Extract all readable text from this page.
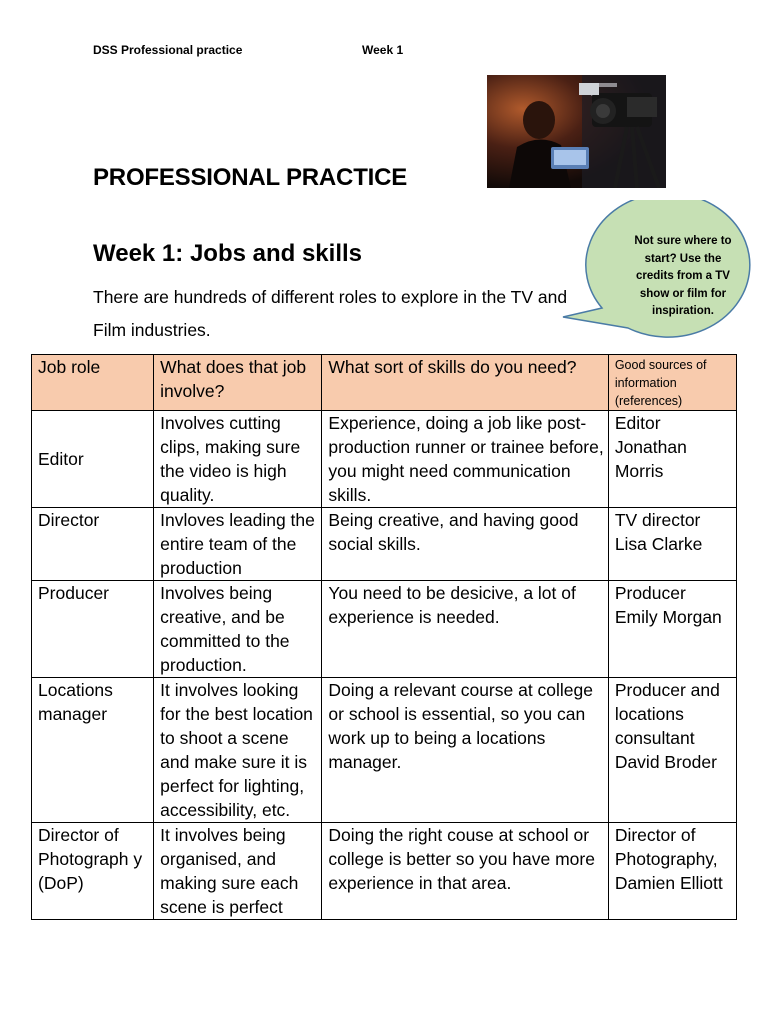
DSS Professional practice	Week 1
PROFESSIONAL PRACTICE
Week 1: Jobs and skills
There are hundreds of different roles to explore in the TV and Film industries.
Not sure where to start? Use the credits from a TV show or film for inspiration.
Job role	What does that job involve?	What sort of skills do you need?	Good sources of information (references)
Editor	Involves cutting clips, making sure the video is high quality.	Experience, doing a job like post-production runner or trainee before, you might need communication skills.	Editor Jonathan Morris
Director	Invloves leading the entire team of the production	Being creative, and having good social skills.	TV director Lisa Clarke
Producer	Involves being creative, and be committed to the production.	You need to be desicive, a lot of experience is needed.	Producer Emily Morgan
Locations manager	It involves looking for the best location to shoot a scene and make sure it is perfect for lighting, accessibility, etc.	Doing a relevant course at college or school is essential, so you can work up to being a locations manager.	Producer and locations consultant David Broder
Director of Photograph y (DoP)	It involves being organised, and making sure each scene is perfect	Doing the right couse at school or college is better so you have more experience in that area.	Director of Photography, Damien Elliott
